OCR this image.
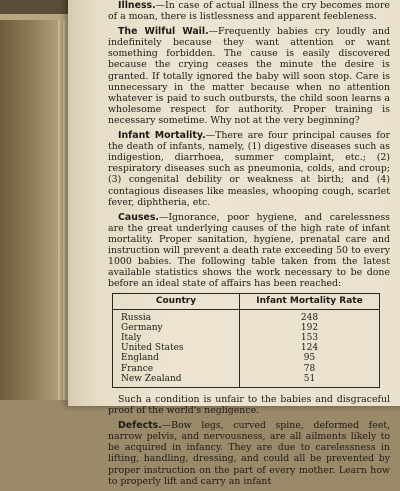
Illness.—In case of actual illness the cry becomes more of a moan, there is listlessness and apparent feebleness.

The Wilful Wail.—Frequently babies cry loudly and indefinitely because they want attention or want something forbidden. The cause is easily discovered because the crying ceases the minute the desire is granted. If totally ignored the baby will soon stop. Care is unnecessary in the matter because when no attention whatever is paid to such outbursts, the child soon learns a wholesome respect for authority. Proper training is necessary sometime. Why not at the very beginning?

Infant Mortality.—There are four principal causes for the death of infants, namely, (1) digestive diseases such as indigestion, diarrhoea, summer complaint, etc.; (2) respiratory diseases such as pneumonia, colds, and croup; (3) congenital debility or weakness at birth; and (4) contagious diseases like measles, whooping cough, scarlet fever, diphtheria, etc.

Causes.—Ignorance, poor hygiene, and carelessness are the great underlying causes of the high rate of infant mortality. Proper sanitation, hygiene, prenatal care and instruction will prevent a death rate exceeding 50 to every 1000 babies. The following table taken from the latest available statistics shows the work necessary to be done before an ideal state of affairs has been reached:

Country	Infant Mortality Rate
Russia	248
Germany	192
Italy	153
United States	124
England	95
France	78
New Zealand	51

Such a condition is unfair to the babies and disgraceful proof of the world's negligence.

Defects.—Bow legs, curved spine, deformed feet, narrow pelvis, and nervousness, are all ailments likely to be acquired in infancy. They are due to carelessness in lifting, handling, dressing, and could all be prevented by proper instruction on the part of every mother. Learn how to properly lift and carry an infant
